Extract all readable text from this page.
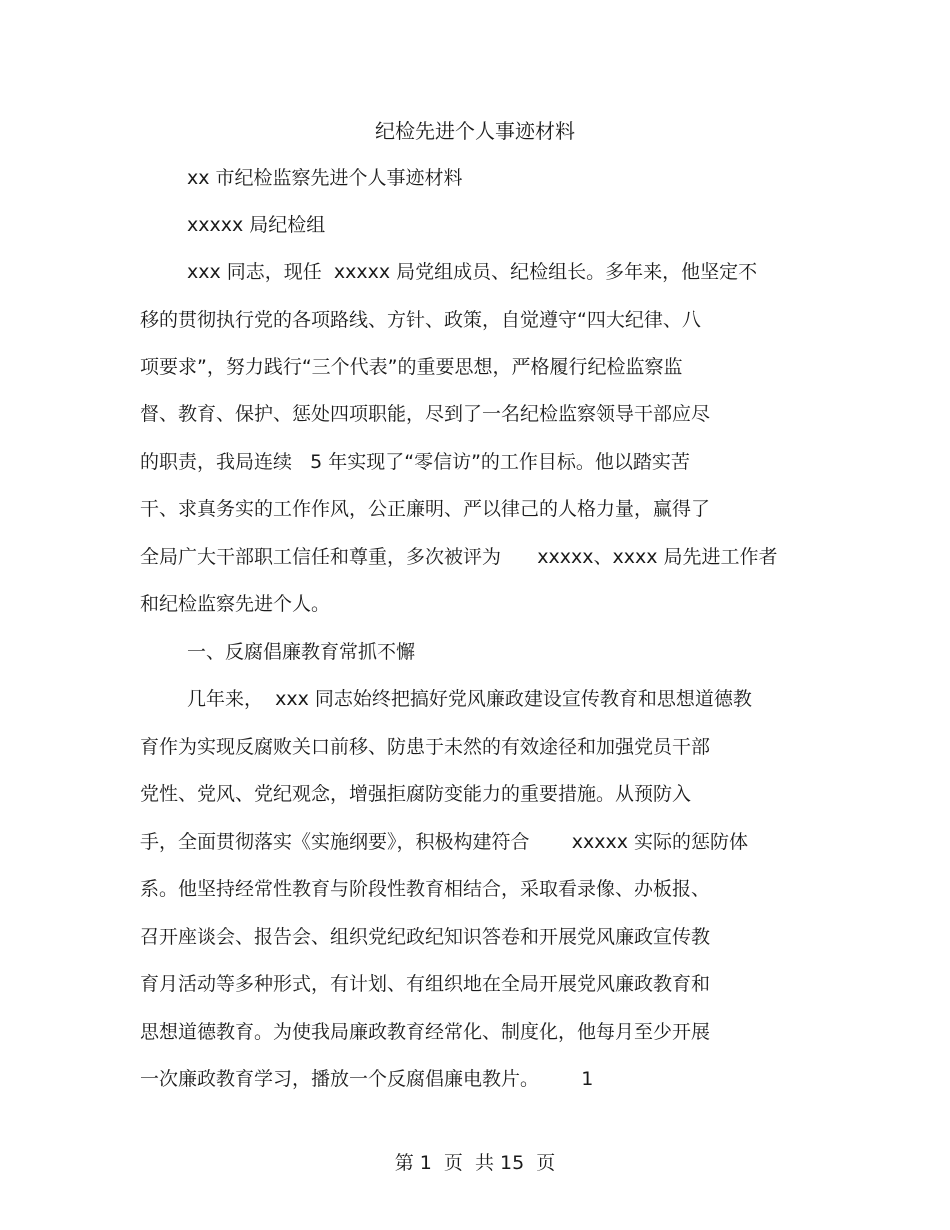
纪检先进个人事迹材料
xx 市纪检监察先进个人事迹材料
xxxxx 局纪检组
xxx 同志，现任  xxxxx 局党组成员、纪检组长。多年来，他坚定不
移的贯彻执行党的各项路线、方针、政策，自觉遵守“四大纪律、八
项要求”，努力践行“三个代表”的重要思想，严格履行纪检监察监
督、教育、保护、惩处四项职能，尽到了一名纪检监察领导干部应尽
的职责，我局连续   5 年实现了“零信访”的工作目标。他以踏实苦
干、求真务实的工作作风，公正廉明、严以律己的人格力量，赢得了
全局广大干部职工信任和尊重，多次被评为      xxxxx、xxxx 局先进工作者
和纪检监察先进个人。
一、反腐倡廉教育常抓不懈
几年来，  xxx 同志始终把搞好党风廉政建设宣传教育和思想道德教
育作为实现反腐败关口前移、防患于未然的有效途径和加强党员干部
党性、党风、党纪观念，增强拒腐防变能力的重要措施。从预防入
手，全面贯彻落实《实施纲要》，积极构建符合       xxxxx 实际的惩防体
系。他坚持经常性教育与阶段性教育相结合，采取看录像、办板报、
召开座谈会、报告会、组织党纪政纪知识答卷和开展党风廉政宣传教
育月活动等多种形式，有计划、有组织地在全局开展党风廉政教育和
思想道德教育。为使我局廉政教育经常化、制度化，他每月至少开展
一次廉政教育学习，播放一个反腐倡廉电教片。       1
第 1  页  共 15  页
